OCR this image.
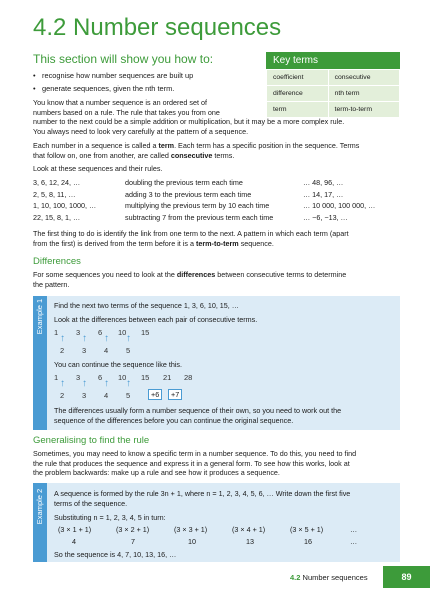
4.2 Number sequences
This section will show you how to:
• recognise how number sequences are built up
• generate sequences, given the nth term.
Key terms
coefficient	consecutive
difference	nth term
term	term-to-term
You know that a number sequence is an ordered set of
numbers based on a rule. The rule that takes you from one
number to the next could be a simple addition or multiplication, but it may be a more complex rule.
You always need to look very carefully at the pattern of a sequence.
Each number in a sequence is called a term. Each term has a specific position in the sequence. Terms
that follow on, one from another, are called consecutive terms.
Look at these sequences and their rules.
3, 6, 12, 24, …	doubling the previous term each time	… 48, 96, …
2, 5, 8, 11, …	adding 3 to the previous term each time	… 14, 17, …
1, 10, 100, 1000, …	multiplying the previous term by 10 each time	… 10 000, 100 000, …
22, 15, 8, 1, …	subtracting 7 from the previous term each time	… −6, −13, …
The first thing to do is identify the link from one term to the next. A pattern in which each term (apart
from the first) is derived from the term before it is a term-to-term sequence.
Differences
For some sequences you need to look at the differences between consecutive terms to determine
the pattern.
Example 1 Find the next two terms of the sequence 1, 3, 6, 10, 15, …
Look at the differences between each pair of consecutive terms.
1 3 6 10 15
↑ ↑ ↑ ↑
2 3 4 5
You can continue the sequence like this.
1 3 6 10 15 21 28
↑ ↑ ↑ ↑
2 3 4 5	+6	+7
The differences usually form a number sequence of their own, so you need to work out the
sequence of the differences before you can continue the original sequence.
Generalising to find the rule
Sometimes, you may need to know a specific term in a number sequence. To do this, you need to find
the rule that produces the sequence and express it in a general form. To see how this works, look at
the problem backwards: make up a rule and see how it produces a sequence.
Example 2 A sequence is formed by the rule 3n + 1, where n = 1, 2, 3, 4, 5, 6, … Write down the first five
terms of the sequence.
Substituting n = 1, 2, 3, 4, 5 in turn:
(3 × 1 + 1)	(3 × 2 + 1)	(3 × 3 + 1)	(3 × 4 + 1)	(3 × 5 + 1)	…
4	7	10	13	16	…
So the sequence is 4, 7, 10, 13, 16, …
4.2 Number sequences	89
